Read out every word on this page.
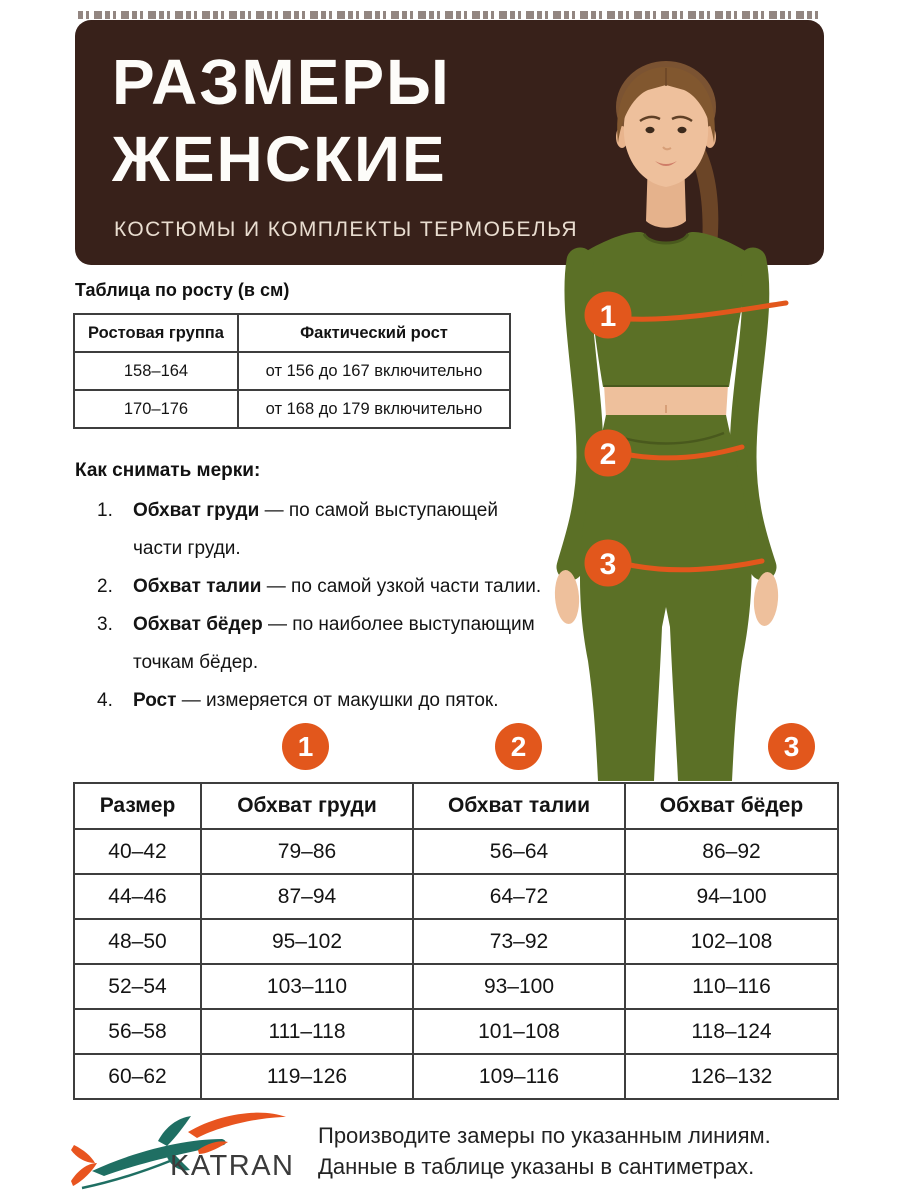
РАЗМЕРЫ
ЖЕНСКИЕ
КОСТЮМЫ И КОМПЛЕКТЫ ТЕРМОБЕЛЬЯ
1
2
3
Таблица по росту (в см)
Ростовая группа	Фактический рост
158–164	от 156 до 167 включительно
170–176	от 168 до 179 включительно
Как снимать мерки:
1.	Обхват груди — по самой выступающей
части груди.
2.	Обхват талии — по самой узкой части талии.
3.	Обхват бёдер — по наиболее выступающим
точкам бёдер.
4.	Рост — измеряется от макушки до пяток.
1	2	3
Размер	Обхват груди	Обхват талии	Обхват бёдер
40–42	79–86	56–64	86–92
44–46	87–94	64–72	94–100
48–50	95–102	73–92	102–108
52–54	103–110	93–100	110–116
56–58	111–118	101–108	118–124
60–62	119–126	109–116	126–132
KATRAN
Производите замеры по указанным линиям.
Данные в таблице указаны в сантиметрах.
